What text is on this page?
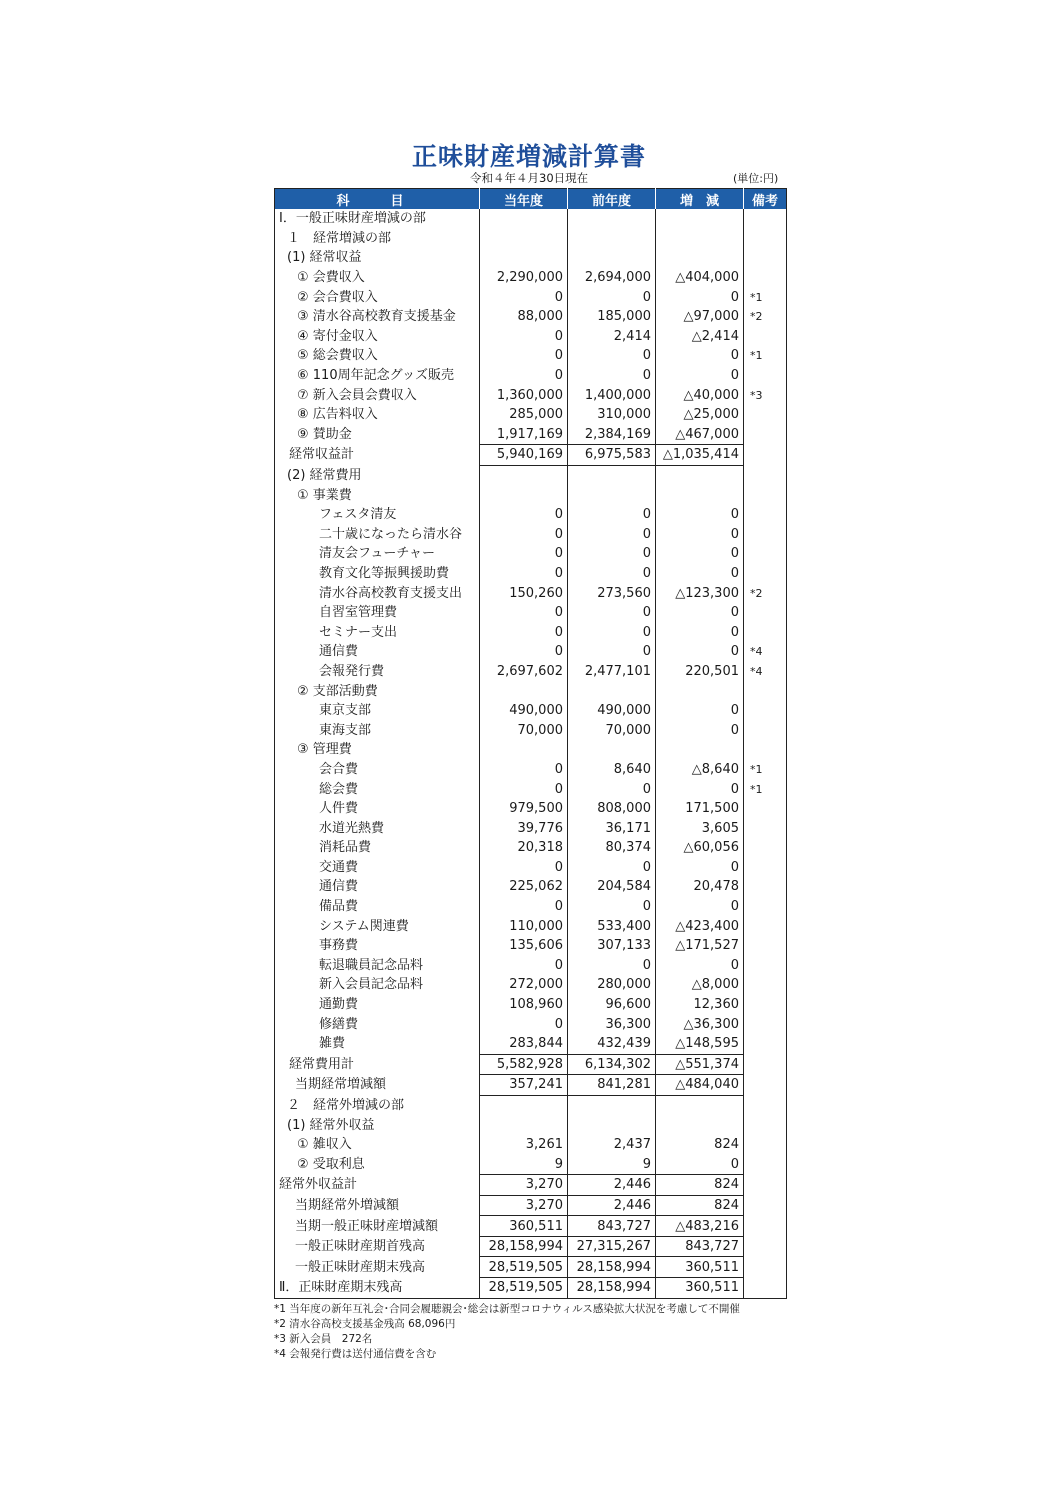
正味財産増減計算書
令和４年４月30日現在	(単位:円)
科　目	当年度	前年度	増　減	備考
Ⅰ．一般正味財産増減の部				
１　経常増減の部				
(1) 経常収益				
① 会費収入	2,290,000	2,694,000	△404,000	
② 会合費収入	0	0	0	*1
③ 清水谷高校教育支援基金	88,000	185,000	△97,000	*2
④ 寄付金収入	0	2,414	△2,414	
⑤ 総会費収入	0	0	0	*1
⑥ 110周年記念グッズ販売	0	0	0	
⑦ 新入会員会費収入	1,360,000	1,400,000	△40,000	*3
⑧ 広告料収入	285,000	310,000	△25,000	
⑨ 賛助金	1,917,169	2,384,169	△467,000	
経常収益計	5,940,169	6,975,583	△1,035,414	
(2) 経常費用				
① 事業費				
フェスタ清友	0	0	0	
二十歳になったら清水谷	0	0	0	
清友会フューチャー	0	0	0	
教育文化等振興援助費	0	0	0	
清水谷高校教育支援支出	150,260	273,560	△123,300	*2
自習室管理費	0	0	0	
セミナー支出	0	0	0	
通信費	0	0	0	*4
会報発行費	2,697,602	2,477,101	220,501	*4
② 支部活動費				
東京支部	490,000	490,000	0	
東海支部	70,000	70,000	0	
③ 管理費				
会合費	0	8,640	△8,640	*1
総会費	0	0	0	*1
人件費	979,500	808,000	171,500	
水道光熱費	39,776	36,171	3,605	
消耗品費	20,318	80,374	△60,056	
交通費	0	0	0	
通信費	225,062	204,584	20,478	
備品費	0	0	0	
システム関連費	110,000	533,400	△423,400	
事務費	135,606	307,133	△171,527	
転退職員記念品料	0	0	0	
新入会員記念品料	272,000	280,000	△8,000	
通勤費	108,960	96,600	12,360	
修繕費	0	36,300	△36,300	
雑費	283,844	432,439	△148,595	
経常費用計	5,582,928	6,134,302	△551,374	
当期経常増減額	357,241	841,281	△484,040	
２　経常外増減の部				
(1) 経常外収益				
① 雑収入	3,261	2,437	824	
② 受取利息	9	9	0	
経常外収益計	3,270	2,446	824	
当期経常外増減額	3,270	2,446	824	
当期一般正味財産増減額	360,511	843,727	△483,216	
一般正味財産期首残高	28,158,994	27,315,267	843,727	
一般正味財産期末残高	28,519,505	28,158,994	360,511	
Ⅱ．正味財産期末残高	28,519,505	28,158,994	360,511	
*1 当年度の新年互礼会･合同会履聴親会･総会は新型コロナウィルス感染拡大状況を考慮して不開催
*2 清水谷高校支援基金残高 68,096円
*3 新入会員　272名
*4 会報発行費は送付通信費を含む
